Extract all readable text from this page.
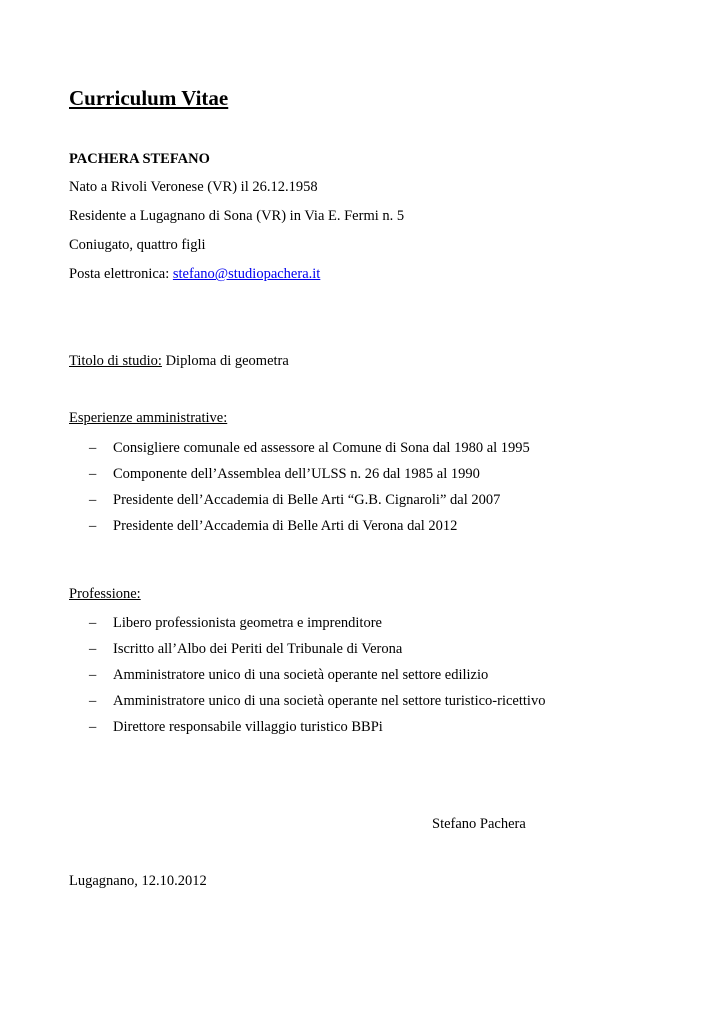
Curriculum Vitae
PACHERA STEFANO
Nato a Rivoli Veronese (VR) il 26.12.1958
Residente a Lugagnano di Sona (VR) in Via E. Fermi n. 5
Coniugato, quattro figli
Posta elettronica: stefano@studiopachera.it
Titolo di studio: Diploma di geometra
Esperienze amministrative:
– Consigliere comunale ed assessore al Comune di Sona dal 1980 al 1995
– Componente dell’Assemblea dell’ULSS n. 26 dal 1985 al 1990
– Presidente dell’Accademia di Belle Arti “G.B. Cignaroli” dal 2007
– Presidente dell’Accademia di Belle Arti di Verona dal 2012
Professione:
– Libero professionista geometra e imprenditore
– Iscritto all’Albo dei Periti del Tribunale di Verona
– Amministratore unico di una società operante nel settore edilizio
– Amministratore unico di una società operante nel settore turistico-ricettivo
– Direttore responsabile villaggio turistico BBPi
Stefano Pachera
Lugagnano, 12.10.2012
